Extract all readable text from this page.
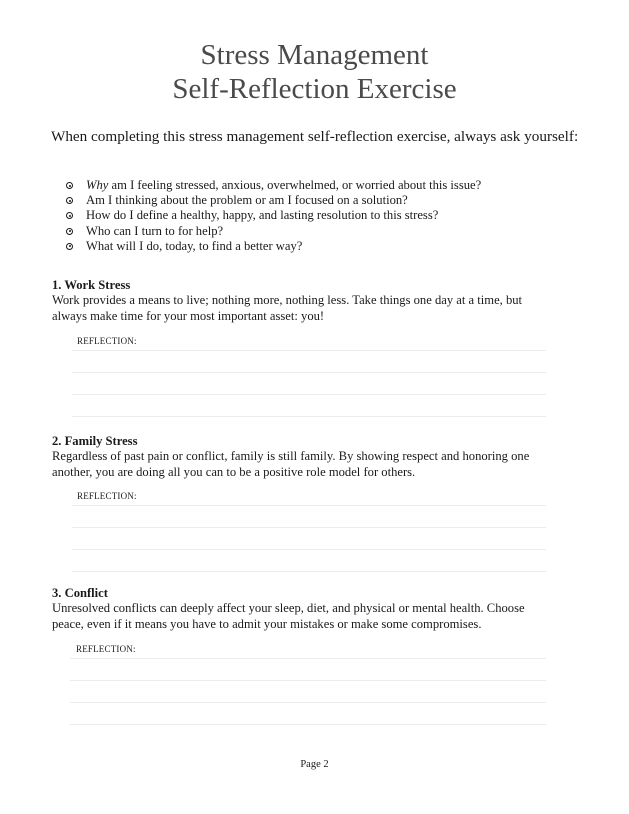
Stress Management
Self-Reflection Exercise
When completing this stress management self-reflection exercise, always ask yourself:
Why am I feeling stressed, anxious, overwhelmed, or worried about this issue?
Am I thinking about the problem or am I focused on a solution?
How do I define a healthy, happy, and lasting resolution to this stress?
Who can I turn to for help?
What will I do, today, to find a better way?
1. Work Stress
Work provides a means to live; nothing more, nothing less. Take things one day at a time, but always make time for your most important asset: you!
REFLECTION:
2. Family Stress
Regardless of past pain or conflict, family is still family. By showing respect and honoring one another, you are doing all you can to be a positive role model for others.
REFLECTION:
3. Conflict
Unresolved conflicts can deeply affect your sleep, diet, and physical or mental health. Choose peace, even if it means you have to admit your mistakes or make some compromises.
REFLECTION:
Page 2
